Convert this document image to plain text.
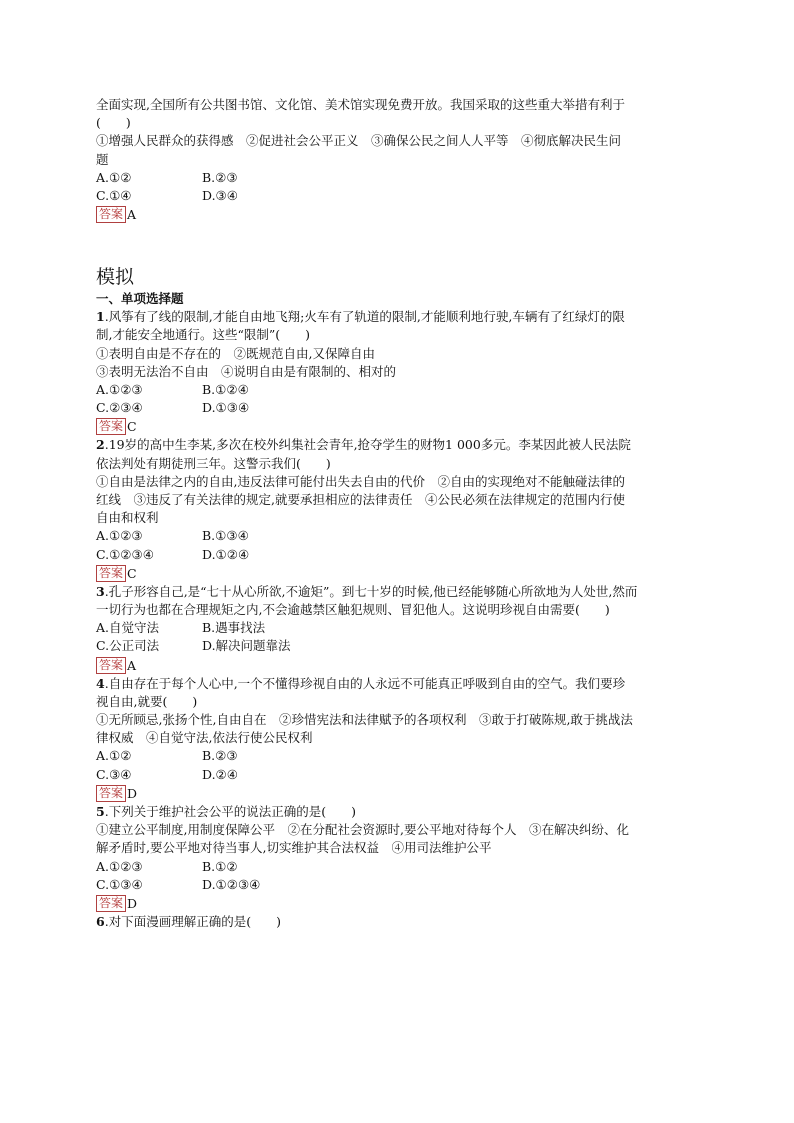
全面实现,全国所有公共图书馆、文化馆、美术馆实现免费开放。我国采取的这些重大举措有利于
(　　)
①增强人民群众的获得感　②促进社会公平正义　③确保公民之间人人平等　④彻底解决民生问
题
A.①②	B.②③
C.①④	D.③④
答案 A
模拟
一、单项选择题
1.风筝有了线的限制,才能自由地飞翔;火车有了轨道的限制,才能顺利地行驶,车辆有了红绿灯的限
制,才能安全地通行。这些“限制”(　　)
①表明自由是不存在的　②既规范自由,又保障自由
③表明无法治不自由　④说明自由是有限制的、相对的
A.①②③	B.①②④
C.②③④	D.①③④
答案 C
2.19岁的高中生李某,多次在校外纠集社会青年,抢夺学生的财物1 000多元。李某因此被人民法院
依法判处有期徒刑三年。这警示我们(　　)
①自由是法律之内的自由,违反法律可能付出失去自由的代价　②自由的实现绝对不能触碰法律的
红线　③违反了有关法律的规定,就要承担相应的法律责任　④公民必须在法律规定的范围内行使
自由和权利
A.①②③	B.①③④
C.①②③④	D.①②④
答案 C
3.孔子形容自己,是“七十从心所欲,不逾矩”。到七十岁的时候,他已经能够随心所欲地为人处世,然而
一切行为也都在合理规矩之内,不会逾越禁区触犯规则、冒犯他人。这说明珍视自由需要(　　)
A.自觉守法	B.遇事找法
C.公正司法	D.解决问题靠法
答案 A
4.自由存在于每个人心中,一个不懂得珍视自由的人永远不可能真正呼吸到自由的空气。我们要珍
视自由,就要(　　)
①无所顾忌,张扬个性,自由自在　②珍惜宪法和法律赋予的各项权利　③敢于打破陈规,敢于挑战法
律权威　④自觉守法,依法行使公民权利
A.①②	B.②③
C.③④	D.②④
答案 D
5.下列关于维护社会公平的说法正确的是(　　)
①建立公平制度,用制度保障公平　②在分配社会资源时,要公平地对待每个人　③在解决纠纷、化
解矛盾时,要公平地对待当事人,切实维护其合法权益　④用司法维护公平
A.①②③	B.①②
C.①③④	D.①②③④
答案 D
6.对下面漫画理解正确的是(　　)
